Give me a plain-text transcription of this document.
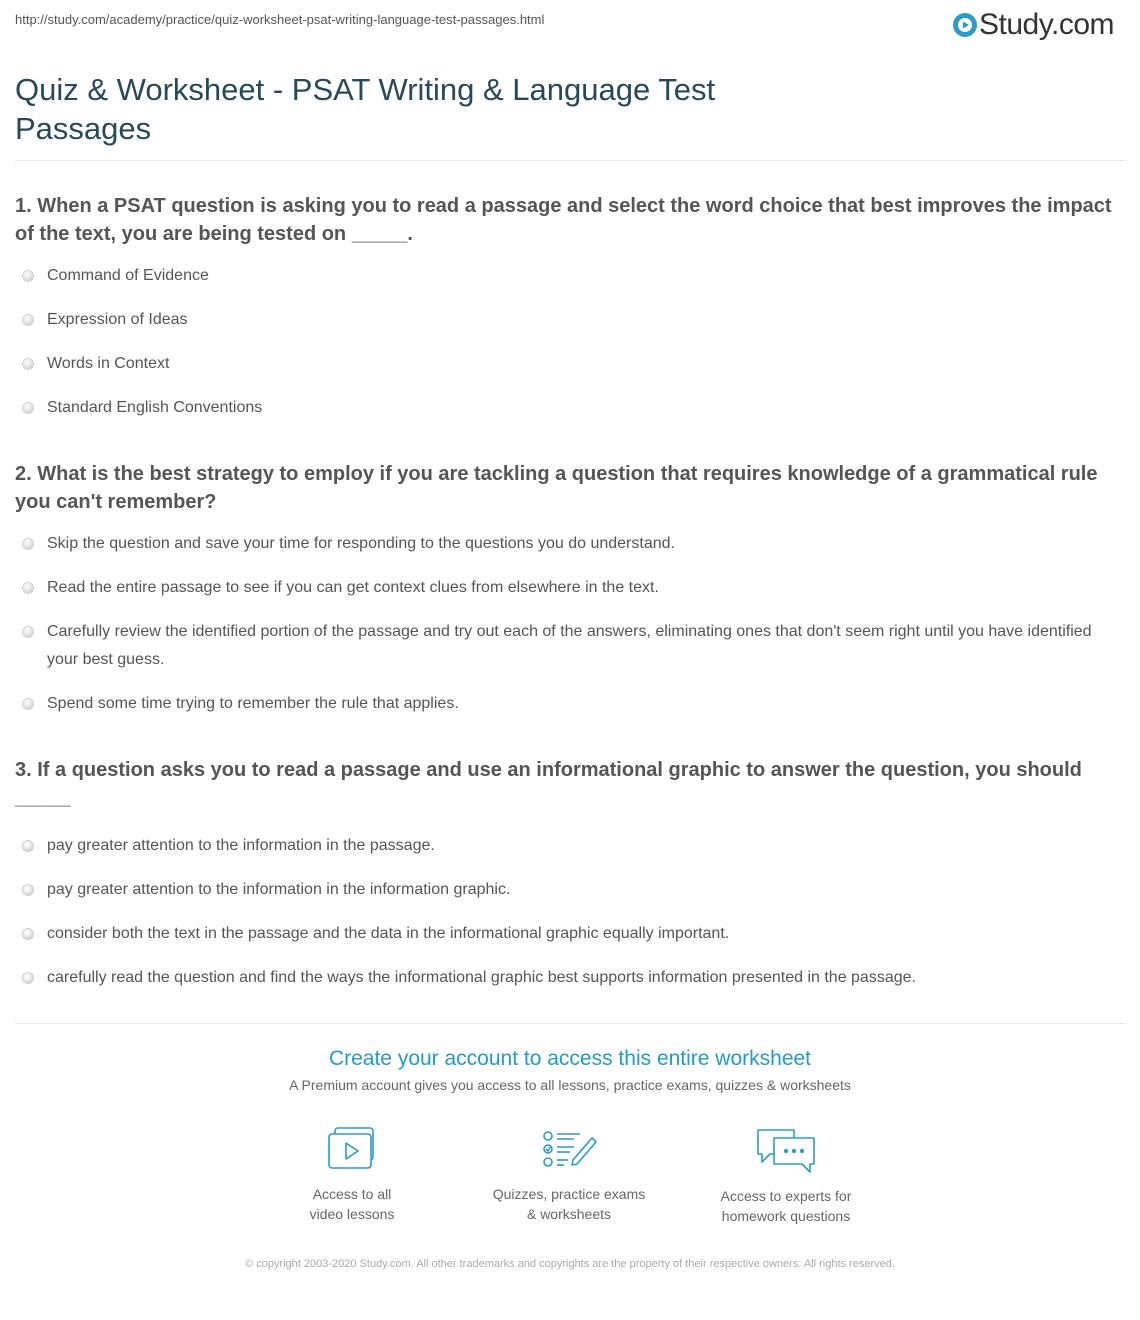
http://study.com/academy/practice/quiz-worksheet-psat-writing-language-test-passages.html	Study.com
Quiz & Worksheet - PSAT Writing & Language Test Passages

1. When a PSAT question is asking you to read a passage and select the word choice that best improves the impact of the text, you are being tested on _____.

Command of Evidence
Expression of Ideas
Words in Context
Standard English Conventions

2. What is the best strategy to employ if you are tackling a question that requires knowledge of a grammatical rule you can't remember?

Skip the question and save your time for responding to the questions you do understand.
Read the entire passage to see if you can get context clues from elsewhere in the text.
Carefully review the identified portion of the passage and try out each of the answers, eliminating ones that don't seem right until you have identified your best guess.
Spend some time trying to remember the rule that applies.

3. If a question asks you to read a passage and use an informational graphic to answer the question, you should _____

pay greater attention to the information in the passage.
pay greater attention to the information in the information graphic.
consider both the text in the passage and the data in the informational graphic equally important.
carefully read the question and find the ways the informational graphic best supports information presented in the passage.
Create your account to access this entire worksheet
A Premium account gives you access to all lessons, practice exams, quizzes & worksheets
Access to all
video lessons
Quizzes, practice exams
& worksheets
Access to experts for
homework questions
© copyright 2003-2020 Study.com. All other trademarks and copyrights are the property of their respective owners. All rights reserved.
